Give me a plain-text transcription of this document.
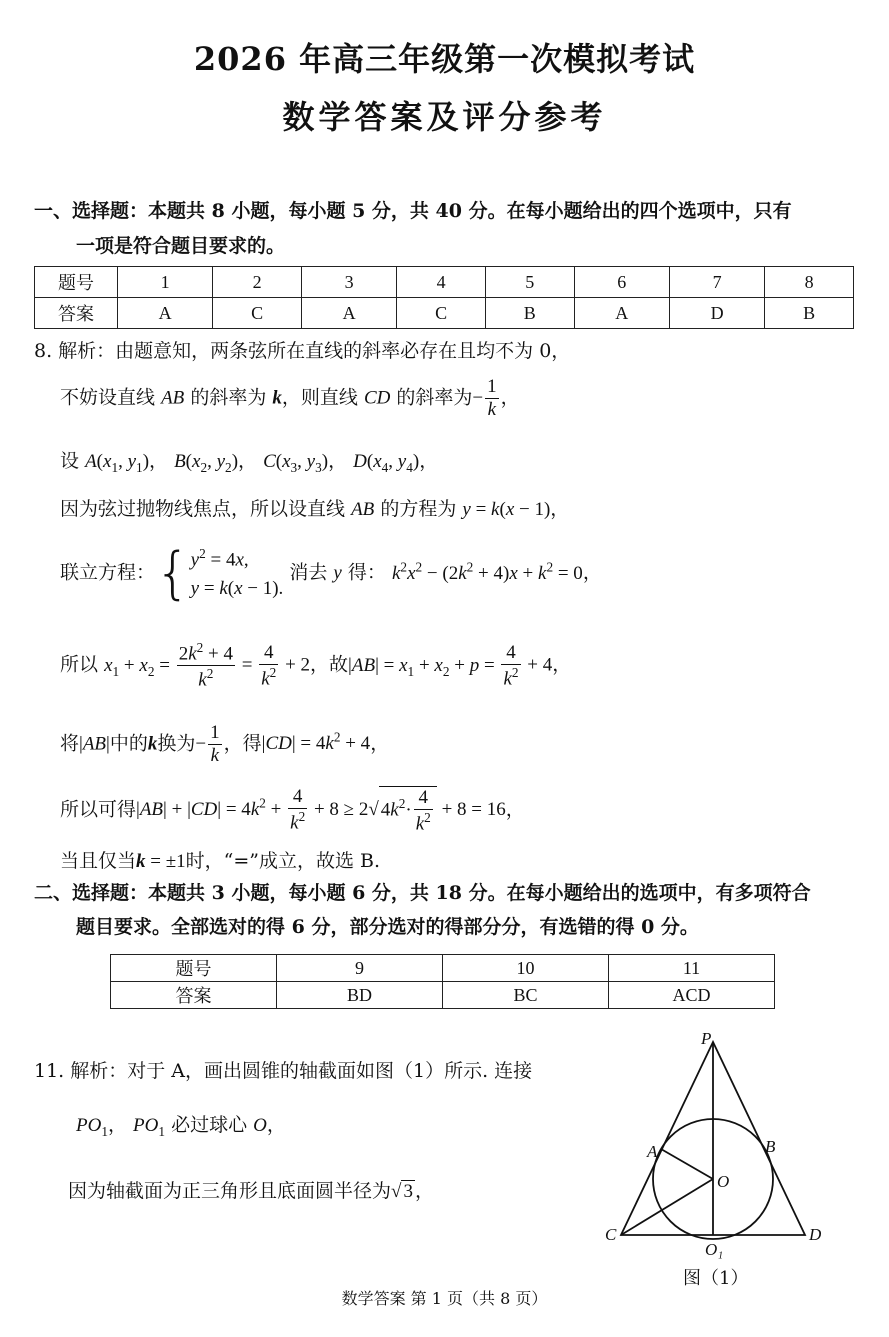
2026 年高三年级第一次模拟考试
数学答案及评分参考
一、选择题：本题共 8 小题，每小题 5 分，共 40 分。在每小题给出的四个选项中，只有
一项是符合题目要求的。
题号	1	2	3	4	5	6	7	8
答案	A	C	A	C	B	A	D	B
8. 解析：由题意知，两条弦所在直线的斜率必存在且均不为 0，
不妨设直线 AB 的斜率为 k，则直线 CD 的斜率为− $\frac{1}{k}$ ，
设 $A(x_1$, $y_1$)， $B(x_2$, $y_2$)， $C(x_3$, $y_3$)， $D(x_4$, $y_4$)，
因为弦过抛物线焦点，所以设直线 AB 的方程为 y = k(x − 1)，
联立方程：{ $y^2 = 4x$,
y = k(x − 1).
消去 y 得： $k^2x^2 - (2k^2 + 4)x + k^2 = 0$，
所以 $x_1 + x_2 = \frac{2k^2 + 4}{k^2} = \frac{4}{k^2} + 2$，故$|AB| = x_1 + x_2 + p = \frac{4}{k^2} + 4$，
将|AB|中的k换为− $\frac{1}{k}$ ，得$|CD| = 4k^2 + 4$，
所以可得$|AB| + |CD| = 4k^2 + \frac{4}{k^2} + 8 \ge 2√$ $4k^2\cdot \frac{4}{k^2} + 8 = 16$，
当且仅当k = ±1时，“=”成立，故选 B.
二、选择题：本题共 3 小题，每小题 6 分，共 18 分。在每小题给出的选项中，有多项符合
题目要求。全部选对的得 6 分，部分选对的得部分分，有选错的得 0 分。
题号	9	10	11
答案	BD	BC	ACD
11. 解析：对于 A，画出圆锥的轴截面如图（1）所示. 连接
$PO_1$， $PO_1$ 必过球心 O，
因为轴截面为正三角形且底面圆半径为√ 3 ，
P
A	B
O
C	D
O₁
图（1）
数学答案 第 1 页（共 8 页）
